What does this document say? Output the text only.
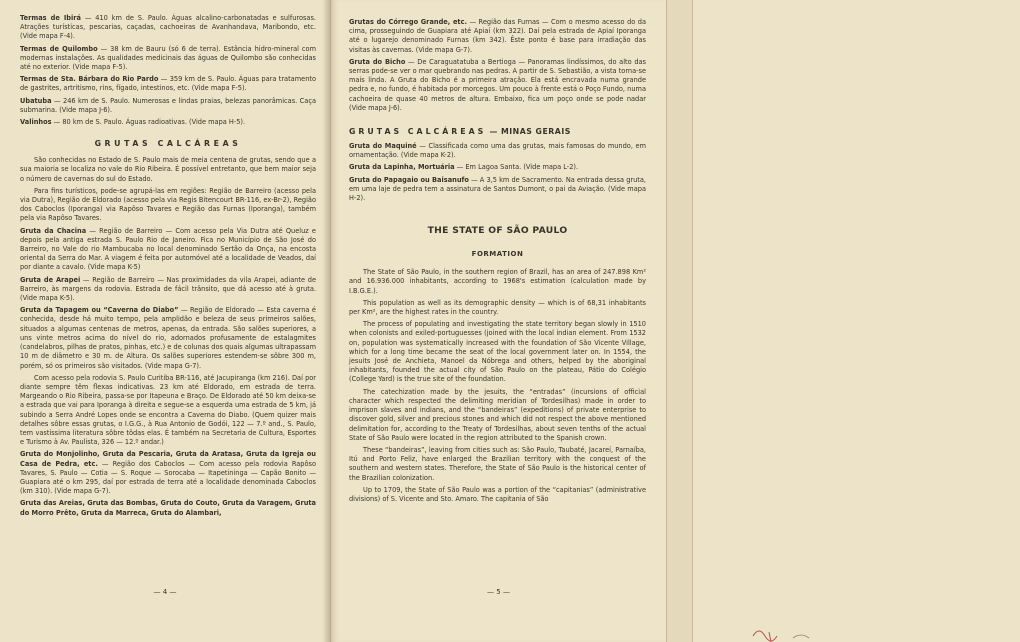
Termas de Ibirá — 410 km de S. Paulo. Águas alcalino-carbonatadas e sulfurosas. Atrações turísticas, pescarias, caçadas, cachoeiras de Avanhandava, Maribondo, etc. (Vide mapa F-4).

Termas de Quilombo — 38 km de Bauru (só 6 de terra). Estância hidro-mineral com modernas instalações. As qualidades medicinais das águas de Quilombo são conhecidas até no exterior. (Vide mapa F-5).

Termas de Sta. Bárbara do Rio Pardo — 359 km de S. Paulo. Águas para tratamento de gastrites, artritismo, rins, fígado, intestinos, etc. (Vide mapa F-5).

Ubatuba — 246 km de S. Paulo. Numerosas e lindas praias, belezas panorâmicas. Caça submarina. (Vide mapa J-6).

Valinhos — 80 km de S. Paulo. Águas radioativas. (Vide mapa H-5).

GRUTAS CALCÁREAS

São conhecidas no Estado de S. Paulo mais de meia centena de grutas, sendo que a sua maioria se localiza no vale do Rio Ribeira. É possível entretanto, que bem maior seja o número de cavernas do sul do Estado.

Para fins turísticos, pode-se agrupá-las em regiões: Região de Barreiro (acesso pela via Dutra), Região de Eldorado (acesso pela via Regis Bitencourt BR-116, ex-Br-2), Região dos Caboclos (Iporanga) via Rapôso Tavares e Região das Furnas (Iporanga), também pela via Rapôso Tavares.

Gruta da Chacina — Região de Barreiro — Com acesso pela Via Dutra até Queluz e depois pela antiga estrada S. Paulo Rio de Janeiro. Fica no Município de São José do Barreiro, no Vale do rio Mambucaba no local denominado Sertão da Onça, na encosta oriental da Serra do Mar. A viagem é feita por automóvel até a localidade de Veados, daí por diante a cavalo. (Vide mapa K-5)

Gruta de Arapei — Região de Barreiro — Nas proximidades da vila Arapei, adiante de Barreiro, às margens da rodovia. Estrada de fácil trânsito, que dá acesso até à gruta. (Vide mapa K-5).

Gruta da Tapagem ou “Caverna do Diabo” — Região de Eldorado — Esta caverna é conhecida, desde há muito tempo, pela amplidão e beleza de seus primeiros salões, situados a algumas centenas de metros, apenas, da entrada. São salões superiores, a uns vinte metros acima do nível do rio, adornados profusamente de estalagmites (candelabros, pilhas de pratos, pinhas, etc.) e de colunas dos quais algumas ultrapassam 10 m de diâmetro e 30 m. de Altura. Os salões superiores estendem-se sôbre 300 m, porém, só os primeiros são visitados. (Vide mapa G-7).

Com acesso pela rodovia S. Paulo Curitiba BR-116, até Jacupiranga (km 216). Daí por diante sempre têm flexas indicativas. 23 km até Eldorado, em estrada de terra. Margeando o Rio Ribeira, passa-se por Itapeuna e Braço. De Eldorado até 50 km deixa-se a estrada que vai para Iporanga à direita e segue-se a esquerda uma estrada de 5 km, já subindo a Serra André Lopes onde se encontra a Caverna do Diabo. (Quem quizer mais detalhes sôbre essas grutas, o I.G.G., à Rua Antonio de Godói, 122 — 7.º and., S. Paulo, tem vastíssima literatura sôbre tôdas elas. É também na Secretaria de Cultura, Esportes e Turismo à Av. Paulista, 326 — 12.º andar.)

Gruta do Monjolinho, Gruta da Pescaria, Gruta da Aratasa, Gruta da Igreja ou Casa de Pedra, etc. — Região dos Caboclos — Com acesso pela rodovia Rapôso Tavares, S. Paulo — Cotia — S. Roque — Sorocaba — Itapetininga — Capão Bonito — Guapiara até o km 295, daí por estrada de terra até a localidade denominada Caboclos (km 310). (Vide mapa G-7).

Gruta das Areias, Gruta das Bombas, Gruta do Couto, Gruta da Varagem, Gruta do Morro Prêto, Gruta da Marreca, Gruta do Alambari,

— 4 —

Grutas do Córrego Grande, etc. — Região das Furnas — Com o mesmo acesso do da cima, prosseguindo de Guapiara até Apiaí (km 322). Daí pela estrada de Apiaí Iporanga até o lugarejo denominado Furnas (km 342). Êste ponto é base para irradiação das visitas às cavernas. (Vide mapa G-7).

Gruta do Bicho — De Caraguatatuba a Bertioga — Panoramas lindíssimos, do alto das serras pode-se ver o mar quebrando nas pedras. A partir de S. Sebastião, a vista torna-se mais linda. A Gruta do Bicho é a primeira atração. Ela está encravada numa grande pedra e, no fundo, é habitada por morcegos. Um pouco à frente está o Poço Fundo, numa cachoeira de quase 40 metros de altura. Embaixo, fica um poço onde se pode nadar (Vide mapa J-6).

GRUTAS CALCÁREAS — MINAS GERAIS

Gruta do Maquiné — Classificada como uma das grutas, mais famosas do mundo, em ornamentação. (Vide mapa K-2).

Gruta da Lapinha, Mortuária — Em Lagoa Santa. (Vide mapa L-2).

Gruta do Papagaio ou Baisanufo — A 3,5 km de Sacramento. Na entrada dessa gruta, em uma laje de pedra tem a assinatura de Santos Dumont, o pai da Aviação. (Vide mapa H-2).

THE STATE OF SÃO PAULO
FORMATION

The State of São Paulo, in the southern region of Brazil, has an area of 247.898 Km² and 16.936.000 inhabitants, according to 1968's estimation (calculation made by I.B.G.E.).

This population as well as its demographic density — which is of 68,31 inhabitants per Km², are the highest rates in the country.

The process of populating and investigating the state territory began slowly in 1510 when colonists and exiled-portuguesses (joined with the local indian element. From 1532 on, population was systematically increased with the foundation of São Vicente Village, which for a long time became the seat of the local government later on. In 1554, the jesuits José de Anchieta, Manoel da Nóbrega and others, helped by the aboriginal inhabitants, founded the actual city of São Paulo on the plateau, Pátio do Colégio (College Yard) is the true site of the foundation.

The catechization made by the jesuits, the “entradas” (incursions of official character which respected the delimiting meridian of Tordesilhas) made in order to imprison slaves and indians, and the “bandeiras” (expeditions) of private enterprise to discover gold, silver and precious stones and which did not respect the above mentioned delimitation for, according to the Treaty of Tordesilhas, about seven tenths of the actual State of São Paulo were located in the region attributed to the Spanish crown.

These “bandeiras”, leaving from cities such as: São Paulo, Taubaté, Jacareí, Parnaíba, Itú and Porto Feliz, have enlarged the Brazilian territory with the conquest of the southern and western states. Therefore, the State of São Paulo is the historical center of the Brazilian colonization.

Up to 1709, the State of São Paulo was a portion of the “capitanias” (administrative divisions) of S. Vicente and Sto. Amaro. The capitania of São

— 5 —
